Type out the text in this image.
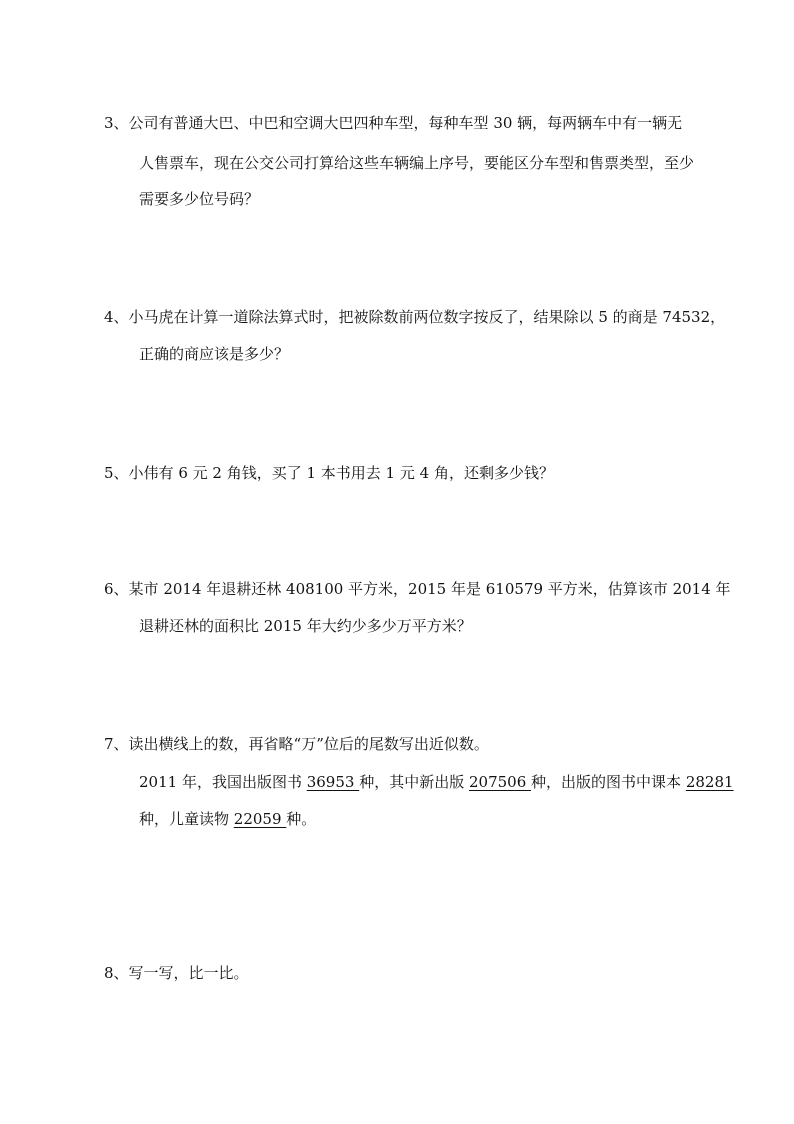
3、公司有普通大巴、中巴和空调大巴四种车型，每种车型 30 辆，每两辆车中有一辆无
人售票车，现在公交公司打算给这些车辆编上序号，要能区分车型和售票类型，至少
需要多少位号码？
4、小马虎在计算一道除法算式时，把被除数前两位数字按反了，结果除以 5 的商是 74532，
正确的商应该是多少？
5、小伟有 6 元 2 角钱，买了 1 本书用去 1 元 4 角，还剩多少钱？
6、某市 2014 年退耕还林 408100 平方米，2015 年是 610579 平方米，估算该市 2014 年
退耕还林的面积比 2015 年大约少多少万平方米？
7、读出横线上的数，再省略“万”位后的尾数写出近似数。
2011 年，我国出版图书 36953 种，其中新出版 207506 种，出版的图书中课本 28281
种，儿童读物 22059 种。
8、写一写，比一比。
